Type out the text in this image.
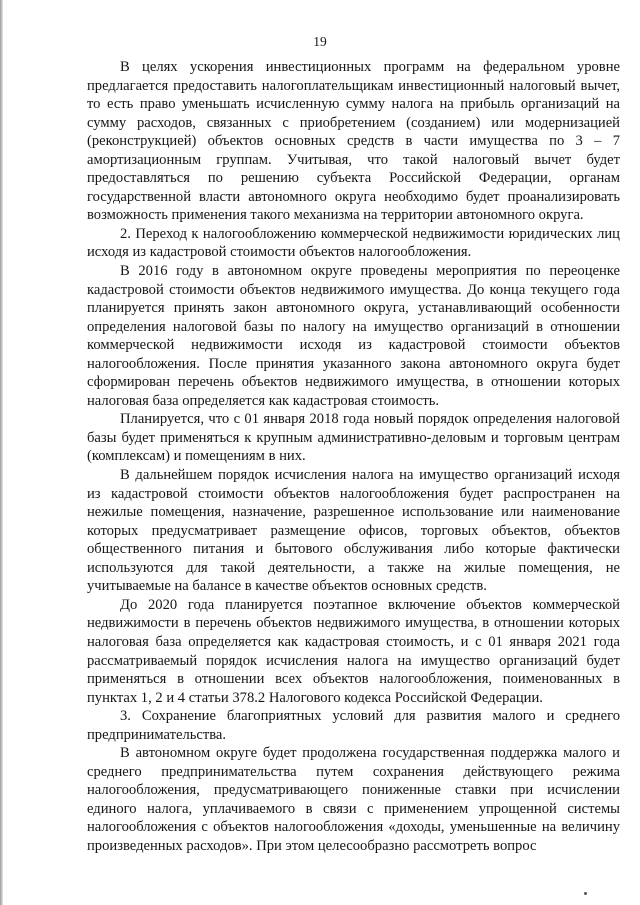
19

В целях ускорения инвестиционных программ на федеральном уровне предлагается предоставить налогоплательщикам инвестиционный налоговый вычет, то есть право уменьшать исчисленную сумму налога на прибыль организаций на сумму расходов, связанных с приобретением (созданием) или модернизацией (реконструкцией) объектов основных средств в части имущества по 3 – 7 амортизационным группам. Учитывая, что такой налоговый вычет будет предоставляться по решению субъекта Российской Федерации, органам государственной власти автономного округа необходимо будет проанализировать возможность применения такого механизма на территории автономного округа.

2. Переход к налогообложению коммерческой недвижимости юридических лиц исходя из кадастровой стоимости объектов налогообложения.

В 2016 году в автономном округе проведены мероприятия по переоценке кадастровой стоимости объектов недвижимого имущества. До конца текущего года планируется принять закон автономного округа, устанавливающий особенности определения налоговой базы по налогу на имущество организаций в отношении коммерческой недвижимости исходя из кадастровой стоимости объектов налогообложения. После принятия указанного закона автономного округа будет сформирован перечень объектов недвижимого имущества, в отношении которых налоговая база определяется как кадастровая стоимость.

Планируется, что с 01 января 2018 года новый порядок определения налоговой базы будет применяться к крупным административно-деловым и торговым центрам (комплексам) и помещениям в них.

В дальнейшем порядок исчисления налога на имущество организаций исходя из кадастровой стоимости объектов налогообложения будет распространен на нежилые помещения, назначение, разрешенное использование или наименование которых предусматривает размещение офисов, торговых объектов, объектов общественного питания и бытового обслуживания либо которые фактически используются для такой деятельности, а также на жилые помещения, не учитываемые на балансе в качестве объектов основных средств.

До 2020 года планируется поэтапное включение объектов коммерческой недвижимости в перечень объектов недвижимого имущества, в отношении которых налоговая база определяется как кадастровая стоимость, и с 01 января 2021 года рассматриваемый порядок исчисления налога на имущество организаций будет применяться в отношении всех объектов налогообложения, поименованных в пунктах 1, 2 и 4 статьи 378.2 Налогового кодекса Российской Федерации.

3. Сохранение благоприятных условий для развития малого и среднего предпринимательства.

В автономном округе будет продолжена государственная поддержка малого и среднего предпринимательства путем сохранения действующего режима налогообложения, предусматривающего пониженные ставки при исчислении единого налога, уплачиваемого в связи с применением упрощенной системы налогообложения с объектов налогообложения «доходы, уменьшенные на величину произведенных расходов». При этом целесообразно рассмотреть вопрос
